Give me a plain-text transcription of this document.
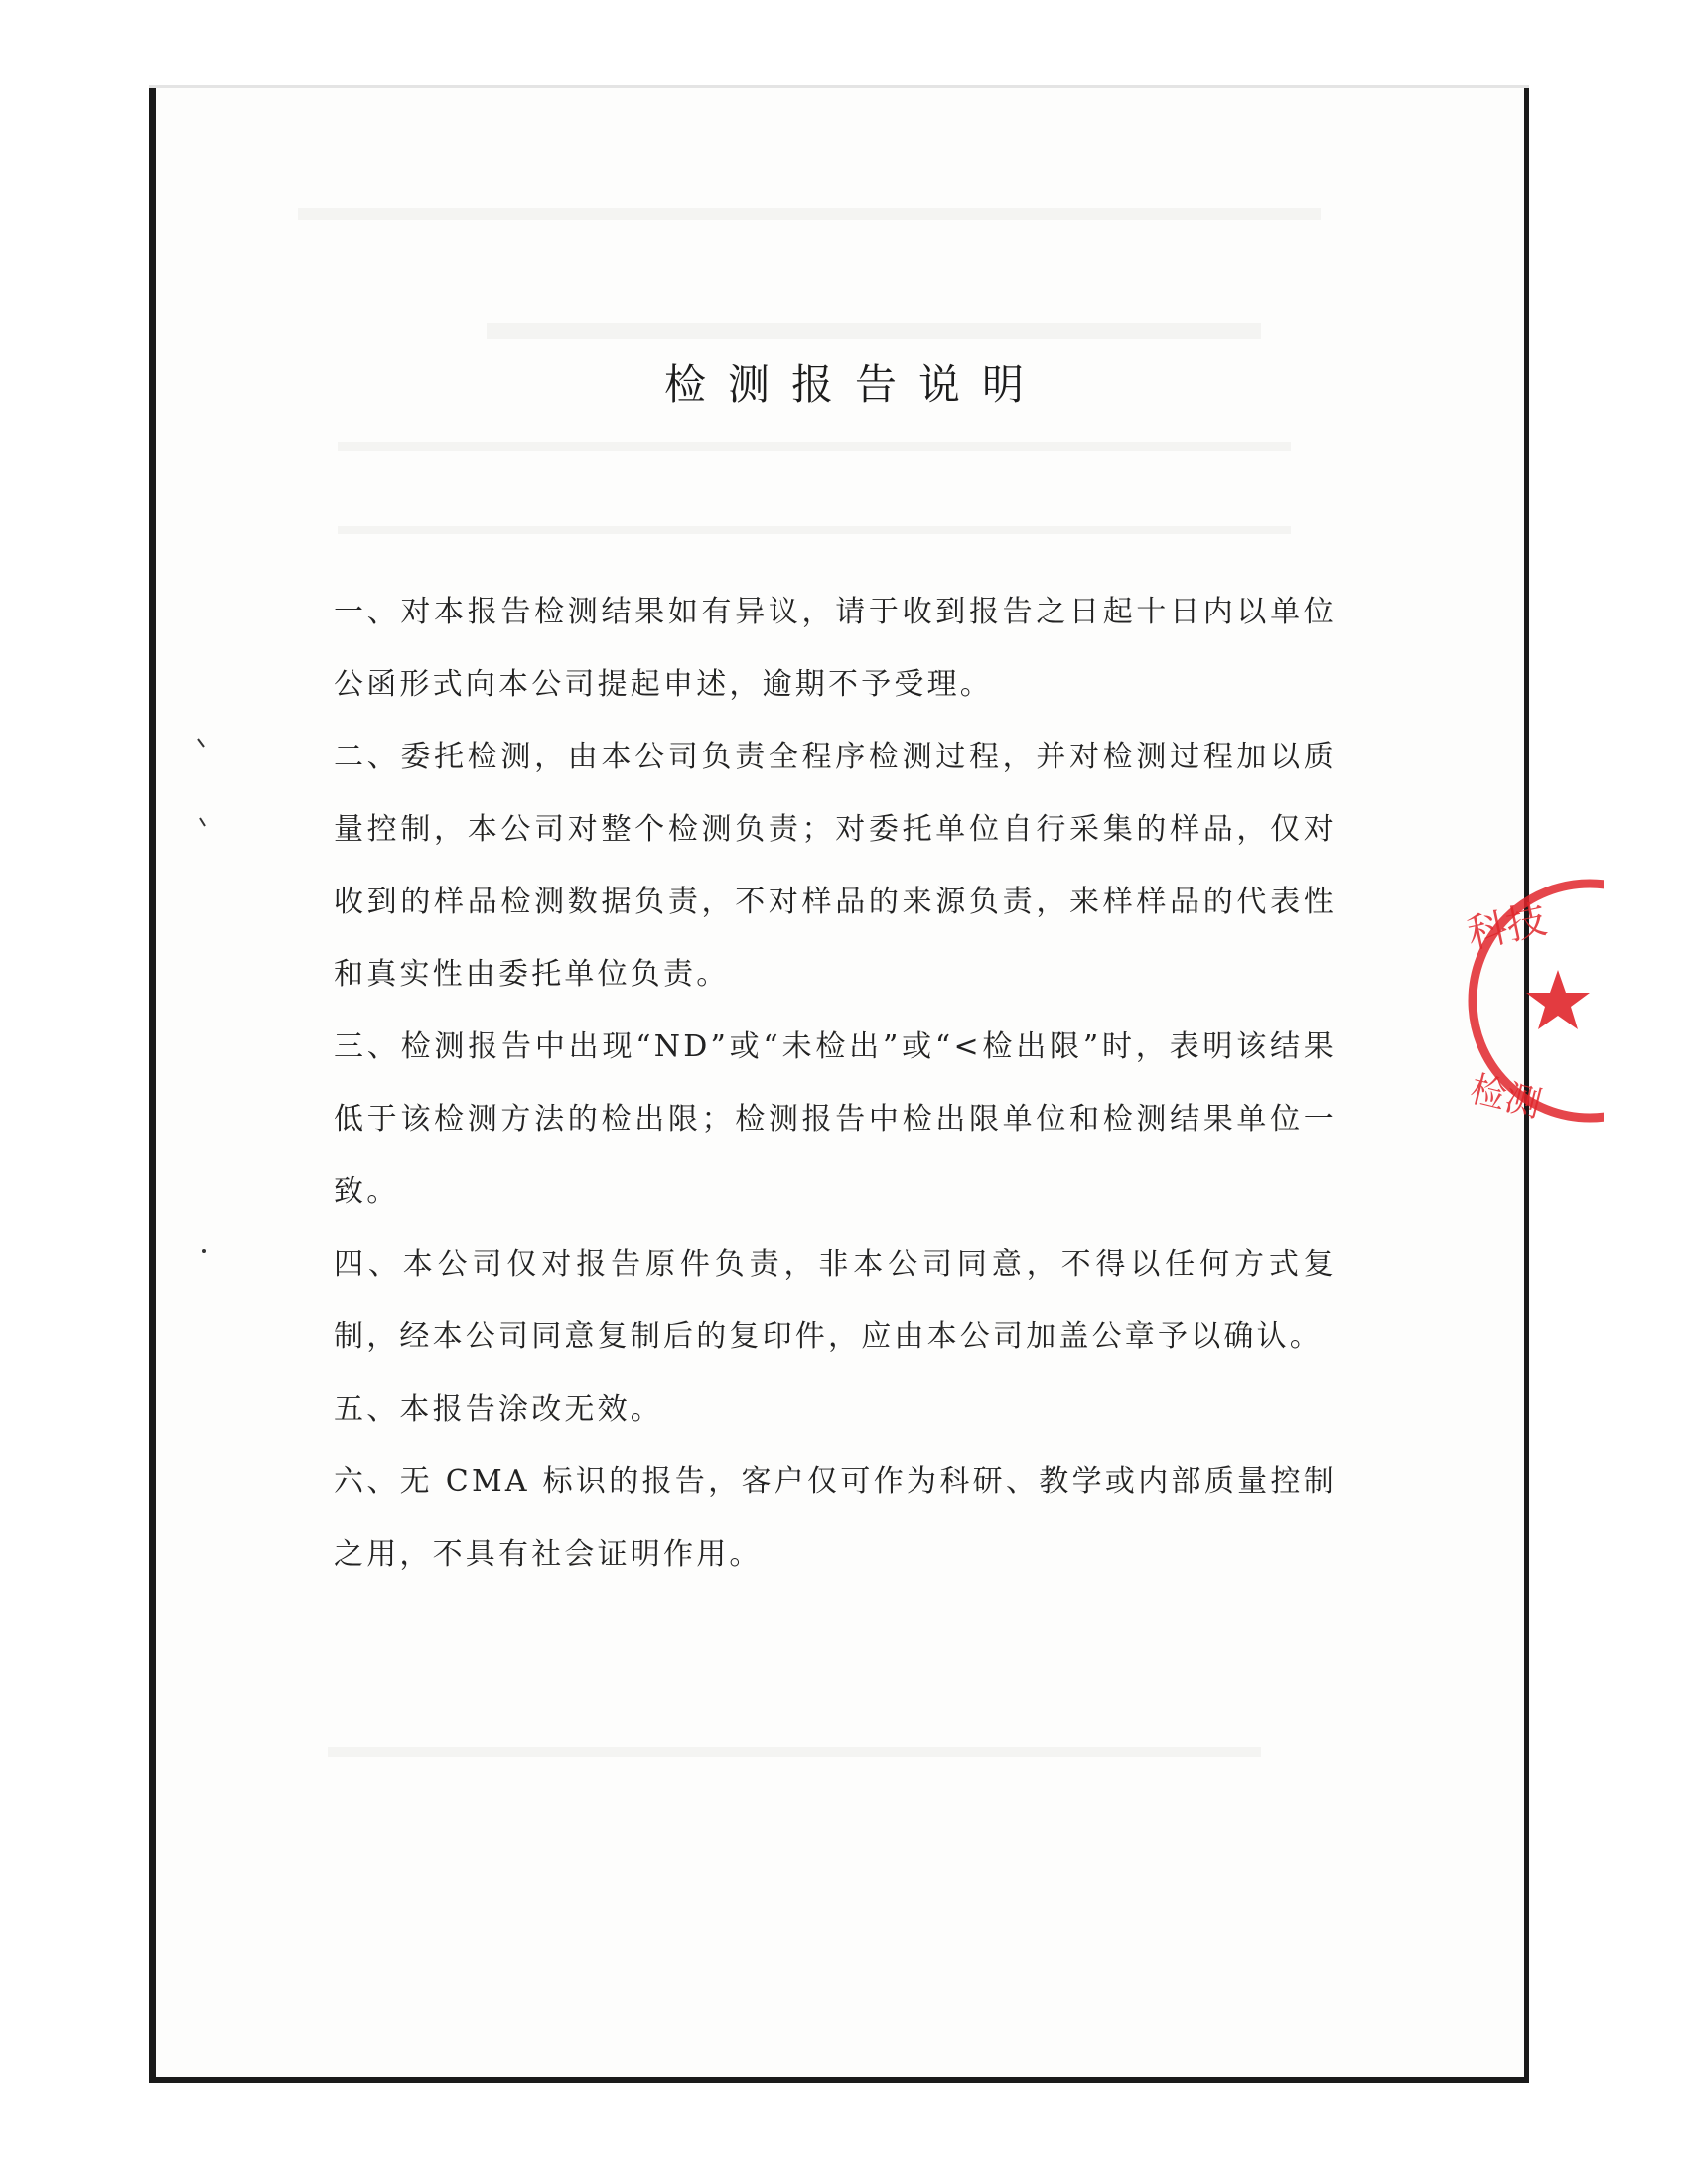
检测报告说明

一、对本报告检测结果如有异议，请于收到报告之日起十日内以单位公函形式向本公司提起申述，逾期不予受理。

二、委托检测，由本公司负责全程序检测过程，并对检测过程加以质量控制，本公司对整个检测负责；对委托单位自行采集的样品，仅对收到的样品检测数据负责，不对样品的来源负责，来样样品的代表性和真实性由委托单位负责。

三、检测报告中出现“ND”或“未检出”或“<检出限”时，表明该结果低于该检测方法的检出限；检测报告中检出限单位和检测结果单位一致。

四、本公司仅对报告原件负责，非本公司同意，不得以任何方式复制，经本公司同意复制后的复印件，应由本公司加盖公章予以确认。

五、本报告涂改无效。

六、无 CMA 标识的报告，客户仅可作为科研、教学或内部质量控制之用，不具有社会证明作用。

科技
检测
